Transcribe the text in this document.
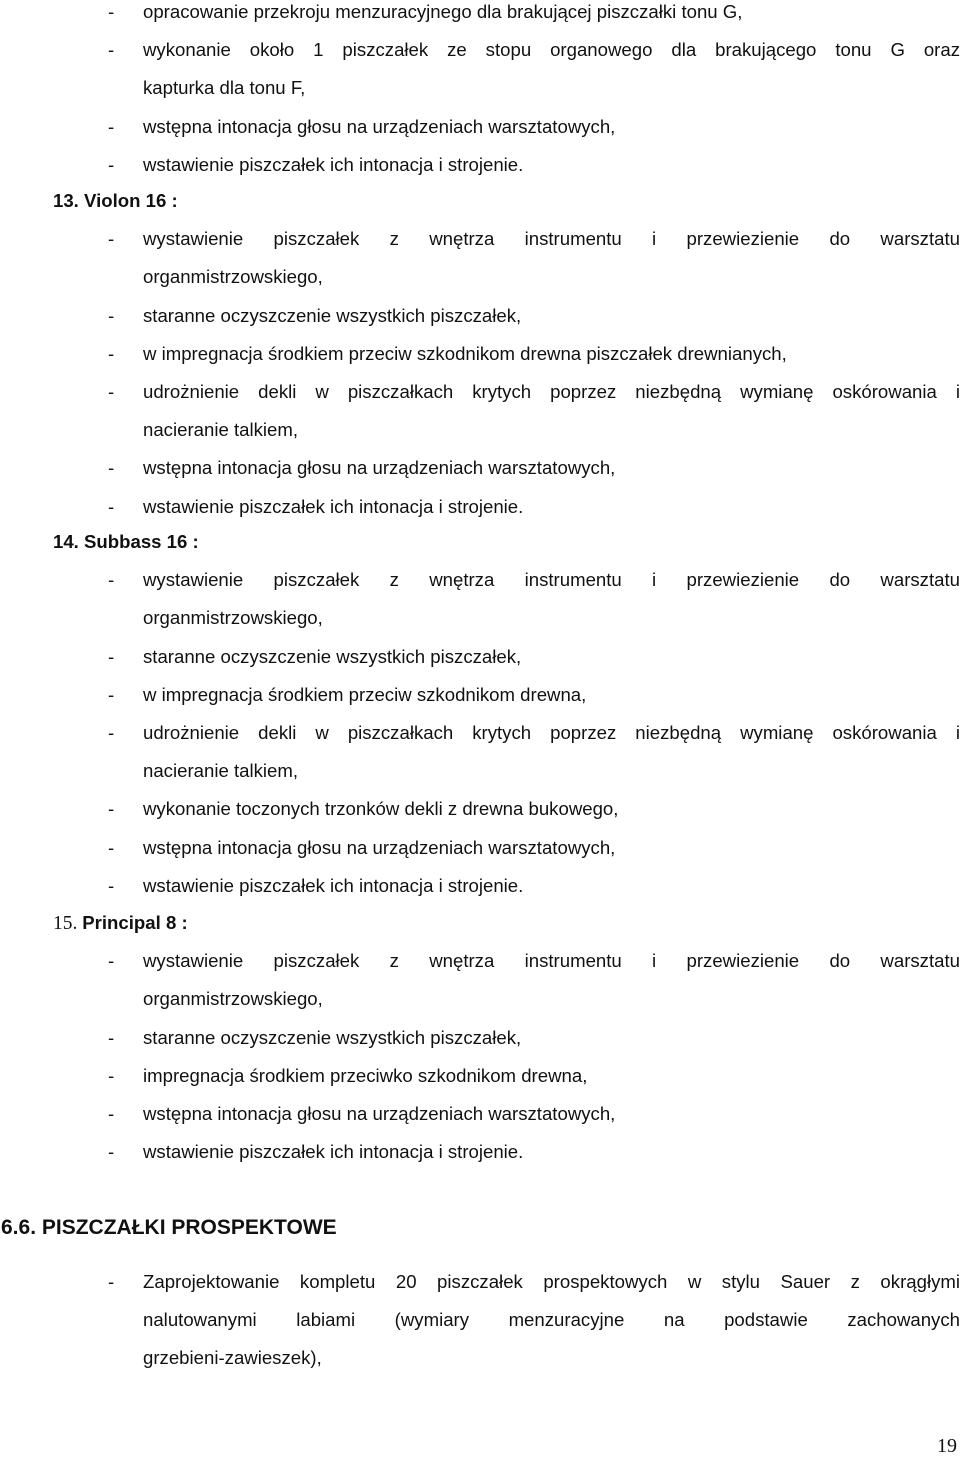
- opracowanie przekroju menzuracyjnego dla brakującej piszczałki tonu G,
- wykonanie około 1 piszczałek ze stopu organowego dla brakującego tonu G oraz
kapturka dla tonu F,
- wstępna intonacja głosu na urządzeniach warsztatowych,
- wstawienie piszczałek ich intonacja i strojenie.
13. Violon 16 :
- wystawienie piszczałek z wnętrza instrumentu i przewiezienie do warsztatu
organmistrzowskiego,
- staranne oczyszczenie wszystkich piszczałek,
- w impregnacja środkiem przeciw szkodnikom drewna piszczałek drewnianych,
- udrożnienie dekli w piszczałkach krytych poprzez niezbędną wymianę oskórowania i
nacieranie talkiem,
- wstępna intonacja głosu na urządzeniach warsztatowych,
- wstawienie piszczałek ich intonacja i strojenie.
14. Subbass 16 :
- wystawienie piszczałek z wnętrza instrumentu i przewiezienie do warsztatu
organmistrzowskiego,
- staranne oczyszczenie wszystkich piszczałek,
- w impregnacja środkiem przeciw szkodnikom drewna,
- udrożnienie dekli w piszczałkach krytych poprzez niezbędną wymianę oskórowania i
nacieranie talkiem,
- wykonanie toczonych trzonków dekli z drewna bukowego,
- wstępna intonacja głosu na urządzeniach warsztatowych,
- wstawienie piszczałek ich intonacja i strojenie.
15. Principal 8 :
- wystawienie piszczałek z wnętrza instrumentu i przewiezienie do warsztatu
organmistrzowskiego,
- staranne oczyszczenie wszystkich piszczałek,
- impregnacja środkiem przeciwko szkodnikom drewna,
- wstępna intonacja głosu na urządzeniach warsztatowych,
- wstawienie piszczałek ich intonacja i strojenie.
6.6. PISZCZAŁKI PROSPEKTOWE
- Zaprojektowanie kompletu 20 piszczałek prospektowych w stylu Sauer z okrągłymi
nalutowanymi labiami (wymiary menzuracyjne na podstawie zachowanych
grzebieni-zawieszek),
19
